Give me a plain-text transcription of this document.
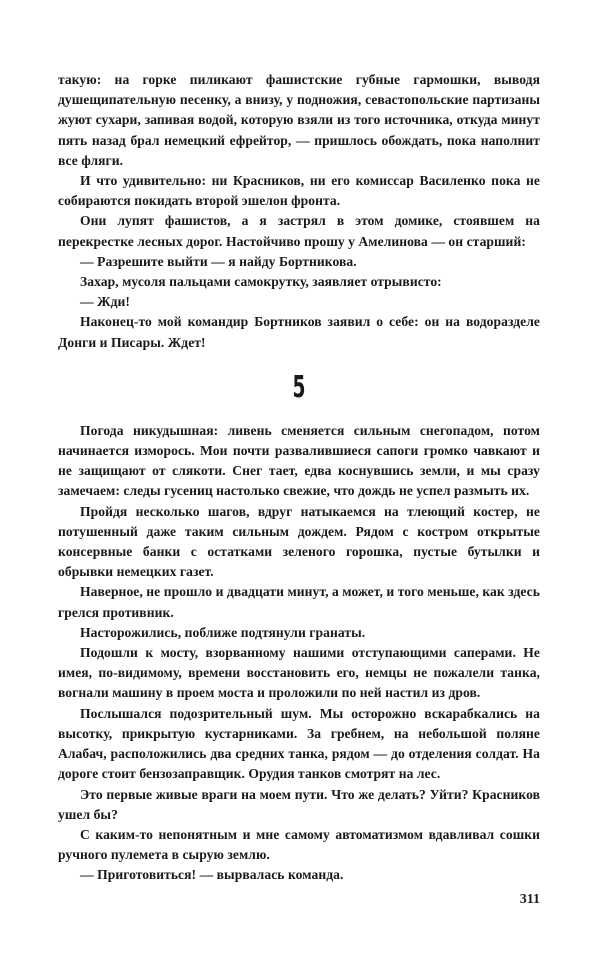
такую: на горке пиликают фашистские губные гармошки, выводя душещипательную песенку, а внизу, у подножия, севастопольские партизаны жуют сухари, запивая водой, которую взяли из того источника, откуда минут пять назад брал немецкий ефрейтор, — пришлось обождать, пока наполнит все фляги.

И что удивительно: ни Красников, ни его комиссар Василенко пока не собираются покидать второй эшелон фронта.

Они лупят фашистов, а я застрял в этом домике, стоявшем на перекрестке лесных дорог. Настойчиво прошу у Амелинова — он старший:

— Разрешите выйти — я найду Бортникова.

Захар, мусоля пальцами самокрутку, заявляет отрывисто:

— Жди!

Наконец-то мой командир Бортников заявил о себе: он на водоразделе Донги и Писары. Ждет!

5

Погода никудышная: ливень сменяется сильным снегопадом, потом начинается изморось. Мои почти развалившиеся сапоги громко чавкают и не защищают от слякоти. Снег тает, едва коснувшись земли, и мы сразу замечаем: следы гусениц настолько свежие, что дождь не успел размыть их.

Пройдя несколько шагов, вдруг натыкаемся на тлеющий костер, не потушенный даже таким сильным дождем. Рядом с костром открытые консервные банки с остатками зеленого горошка, пустые бутылки и обрывки немецких газет.

Наверное, не прошло и двадцати минут, а может, и того меньше, как здесь грелся противник.

Насторожились, поближе подтянули гранаты.

Подошли к мосту, взорванному нашими отступающими саперами. Не имея, по-видимому, времени восстановить его, немцы не пожалели танка, вогнали машину в проем моста и проложили по ней настил из дров.

Послышался подозрительный шум. Мы осторожно вскарабкались на высотку, прикрытую кустарниками. За гребнем, на небольшой поляне Алабач, расположились два средних танка, рядом — до отделения солдат. На дороге стоит бензозаправщик. Орудия танков смотрят на лес.

Это первые живые враги на моем пути. Что же делать? Уйти? Красников ушел бы?

С каким-то непонятным и мне самому автоматизмом вдавливал сошки ручного пулемета в сырую землю.

— Приготовиться! — вырвалась команда.

311
